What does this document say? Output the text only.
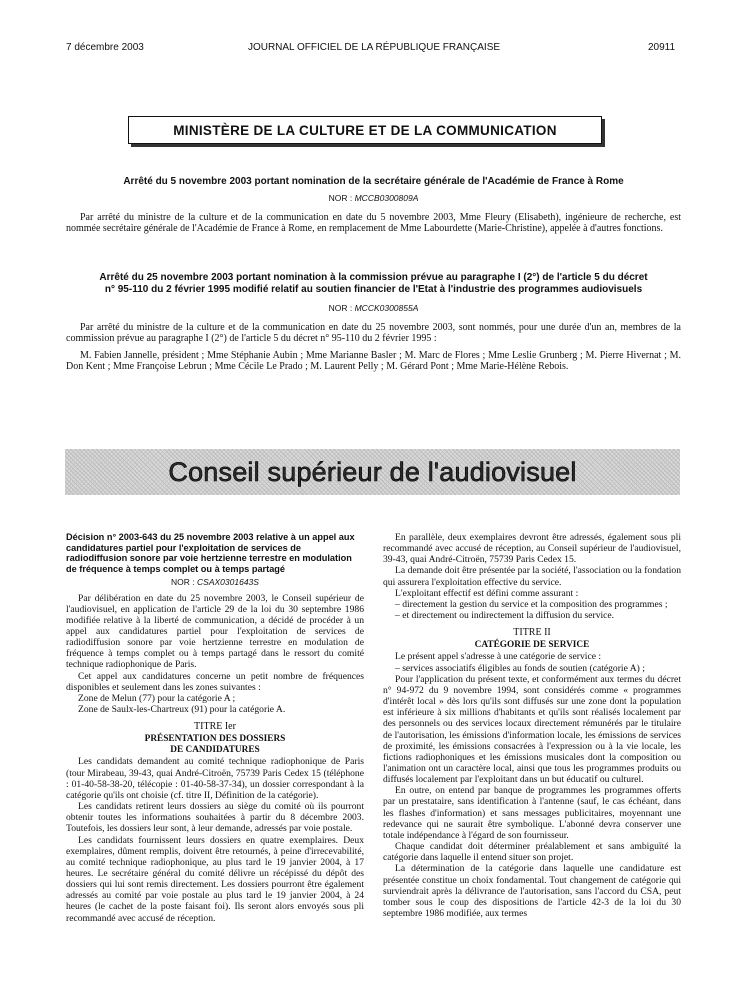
7 décembre 2003	JOURNAL OFFICIEL DE LA RÉPUBLIQUE FRANÇAISE	20911
MINISTÈRE DE LA CULTURE ET DE LA COMMUNICATION
Arrêté du 5 novembre 2003 portant nomination de la secrétaire générale de l'Académie de France à Rome
NOR : MCCB0300809A

Par arrêté du ministre de la culture et de la communication en date du 5 novembre 2003, Mme Fleury (Elisabeth), ingénieure de recherche, est nommée secrétaire générale de l'Académie de France à Rome, en remplacement de Mme Labourdette (Marie-Christine), appelée à d'autres fonctions.

Arrêté du 25 novembre 2003 portant nomination à la commission prévue au paragraphe I (2°) de l'article 5 du décret
n° 95-110 du 2 février 1995 modifié relatif au soutien financier de l'Etat à l'industrie des programmes audiovisuels
NOR : MCCK0300855A

Par arrêté du ministre de la culture et de la communication en date du 25 novembre 2003, sont nommés, pour une durée d'un an, membres de la commission prévue au paragraphe I (2°) de l'article 5 du décret n° 95-110 du 2 février 1995 :

M. Fabien Jannelle, président ; Mme Stéphanie Aubin ; Mme Marianne Basler ; M. Marc de Flores ; Mme Leslie Grunberg ; M. Pierre Hivernat ; M. Don Kent ; Mme Françoise Lebrun ; Mme Cécile Le Prado ; M. Laurent Pelly ; M. Gérard Pont ; Mme Marie-Hélène Rebois.

Conseil supérieur de l'audiovisuel

Décision n° 2003-643 du 25 novembre 2003 relative à un appel aux candidatures partiel pour l'exploitation de services de radiodiffusion sonore par voie hertzienne terrestre en modulation de fréquence à temps complet ou à temps partagé

NOR : CSAX0301643S

Par délibération en date du 25 novembre 2003, le Conseil supérieur de l'audiovisuel, en application de l'article 29 de la loi du 30 septembre 1986 modifiée relative à la liberté de communication, a décidé de procéder à un appel aux candidatures partiel pour l'exploitation de services de radiodiffusion sonore par voie hertzienne terrestre en modulation de fréquence à temps complet ou à temps partagé dans le ressort du comité technique radiophonique de Paris.

Cet appel aux candidatures concerne un petit nombre de fréquences disponibles et seulement dans les zones suivantes :

Zone de Melun (77) pour la catégorie A ;

Zone de Saulx-les-Chartreux (91) pour la catégorie A.

TITRE Ier
PRÉSENTATION DES DOSSIERS
DE CANDIDATURES

Les candidats demandent au comité technique radiophonique de Paris (tour Mirabeau, 39-43, quai André-Citroën, 75739 Paris Cedex 15 (téléphone : 01-40-58-38-20, télécopie : 01-40-58-37-34), un dossier correspondant à la catégorie qu'ils ont choisie (cf. titre II, Définition de la catégorie).

Les candidats retirent leurs dossiers au siège du comité où ils pourront obtenir toutes les informations souhaitées à partir du 8 décembre 2003. Toutefois, les dossiers leur sont, à leur demande, adressés par voie postale.

Les candidats fournissent leurs dossiers en quatre exemplaires. Deux exemplaires, dûment remplis, doivent être retournés, à peine d'irrecevabilité, au comité technique radiophonique, au plus tard le 19 janvier 2004, à 17 heures. Le secrétaire général du comité délivre un récépissé du dépôt des dossiers qui lui sont remis directement. Les dossiers pourront être également adressés au comité par voie postale au plus tard le 19 janvier 2004, à 24 heures (le cachet de la poste faisant foi). Ils seront alors envoyés sous pli recommandé avec accusé de réception.

En parallèle, deux exemplaires devront être adressés, également sous pli recommandé avec accusé de réception, au Conseil supérieur de l'audiovisuel, 39-43, quai André-Citroën, 75739 Paris Cedex 15.

La demande doit être présentée par la société, l'association ou la fondation qui assurera l'exploitation effective du service.

L'exploitant effectif est défini comme assurant :

– directement la gestion du service et la composition des programmes ;

– et directement ou indirectement la diffusion du service.

TITRE II
CATÉGORIE DE SERVICE

Le présent appel s'adresse à une catégorie de service :

– services associatifs éligibles au fonds de soutien (catégorie A) ;

Pour l'application du présent texte, et conformément aux termes du décret n° 94-972 du 9 novembre 1994, sont considérés comme « programmes d'intérêt local » dès lors qu'ils sont diffusés sur une zone dont la population est inférieure à six millions d'habitants et qu'ils sont réalisés localement par des personnels ou des services locaux directement rémunérés par le titulaire de l'autorisation, les émissions d'information locale, les émissions de services de proximité, les émissions consacrées à l'expression ou à la vie locale, les fictions radiophoniques et les émissions musicales dont la composition ou l'animation ont un caractère local, ainsi que tous les programmes produits ou diffusés localement par l'exploitant dans un but éducatif ou culturel.

En outre, on entend par banque de programmes les programmes offerts par un prestataire, sans identification à l'antenne (sauf, le cas échéant, dans les flashes d'information) et sans messages publicitaires, moyennant une redevance qui ne saurait être symbolique. L'abonné devra conserver une totale indépendance à l'égard de son fournisseur.

Chaque candidat doit déterminer préalablement et sans ambiguïté la catégorie dans laquelle il entend situer son projet.

La détermination de la catégorie dans laquelle une candidature est présentée constitue un choix fondamental. Tout changement de catégorie qui surviendrait après la délivrance de l'autorisation, sans l'accord du CSA, peut tomber sous le coup des dispositions de l'article 42-3 de la loi du 30 septembre 1986 modifiée, aux termes
